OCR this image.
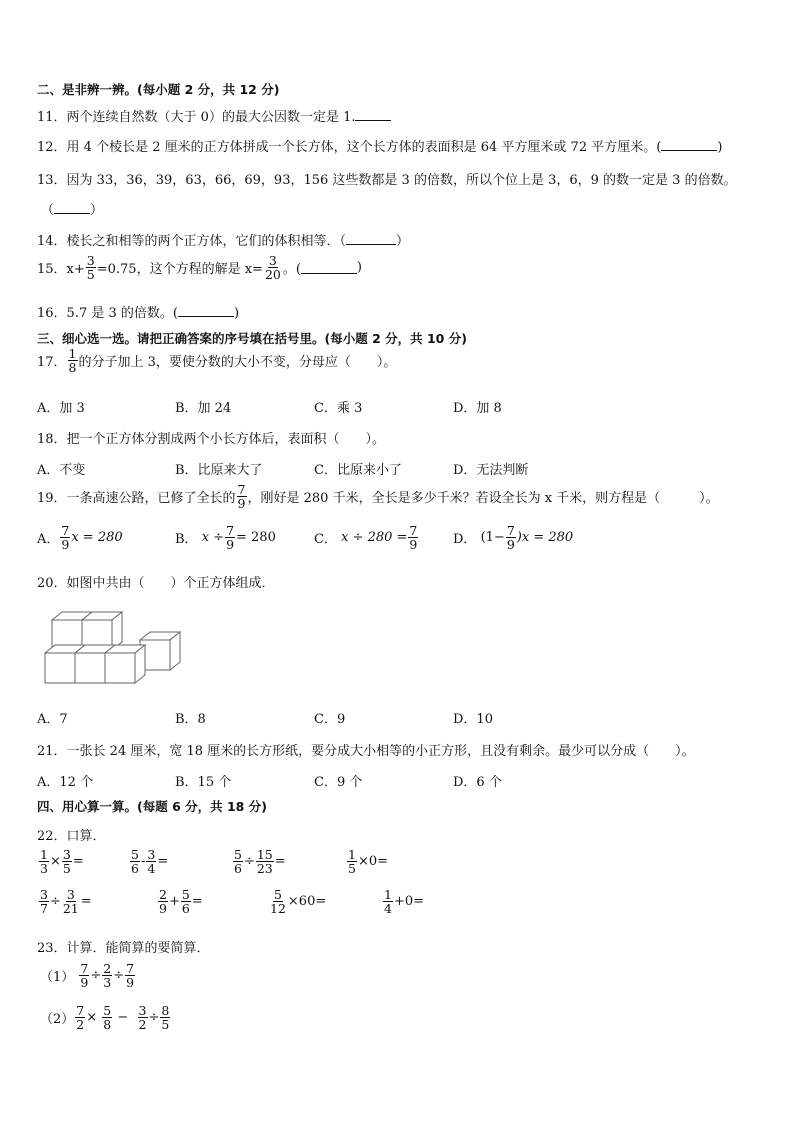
二、是非辨一辨。(每小题 2 分，共 12 分)
11．两个连续自然数（大于 0）的最大公因数一定是 1.
12．用 4 个棱长是 2 厘米的正方体拼成一个长方体，这个长方体的表面积是 64 平方厘米或 72 平方厘米。(	)
13．因为 33，36，39，63，66，69，93，156 这些数都是 3 的倍数，所以个位上是 3，6，9 的数一定是 3 的倍数。
（	）
14．棱长之和相等的两个正方体，它们的体积相等．（	）
15．$x+ \frac{3}{5} =0.75$，这个方程的解是 $x= \frac{3}{20}$ 。(	)
16．5.7 是 3 的倍数。(	)
三、细心选一选。请把正确答案的序号填在括号里。(每小题 2 分，共 10 分)
17． $\frac{1}{8}$ 的分子加上 3，要使分数的大小不变，分母应（　　）。
A．加 3	B．加 24	C．乘 3	D．加 8
18．把一个正方体分割成两个小长方体后，表面积（　　）。
A．不变	B．比原来大了	C．比原来小了	D．无法判断
19．一条高速公路，已修了全长的 $\frac{7}{9}$ ，刚好是 280 千米，全长是多少千米？若设全长为 x 千米，则方程是（　　　）。
A． $\frac{7}{9}$ x = 280	B．
$x \div \frac{7}{9} = 280$	C．
$x \div 280 = \frac{7}{9}$	D．
$(1- \frac{7}{9} )x = 280$
20．如图中共由（　　）个正方体组成．
A．7	B．8	C．9	D．10
21．一张长 24 厘米，宽 18 厘米的长方形纸，要分成大小相等的小正方形，且没有剩余。最少可以分成（　　）。
A．12 个	B．15 个	C．9 个	D．6 个
四、用心算一算。(每题 6 分，共 18 分)
22．口算．
$\frac{1}{3} \times \frac{3}{5}$ =	$\frac{5}{6} - \frac{3}{4}$ =	$\frac{5}{6} \div \frac{15}{23}$ =	$\frac{1}{5} \times 0=$
$\frac{3}{7} \div \frac{3}{21}$ =	$\frac{2}{9} + \frac{5}{6}$ =	$\frac{5}{12} \times 60=$	$\frac{1}{4} +0=$
23．计算．能简算的要简算．
（1）
$\frac{7}{9} \div \frac{2}{3} \div \frac{7}{9}$
$(2) \frac{7}{2}$ ×
$\frac{5}{8}$
−
$\frac{3}{2} \div \frac{8}{5}$
